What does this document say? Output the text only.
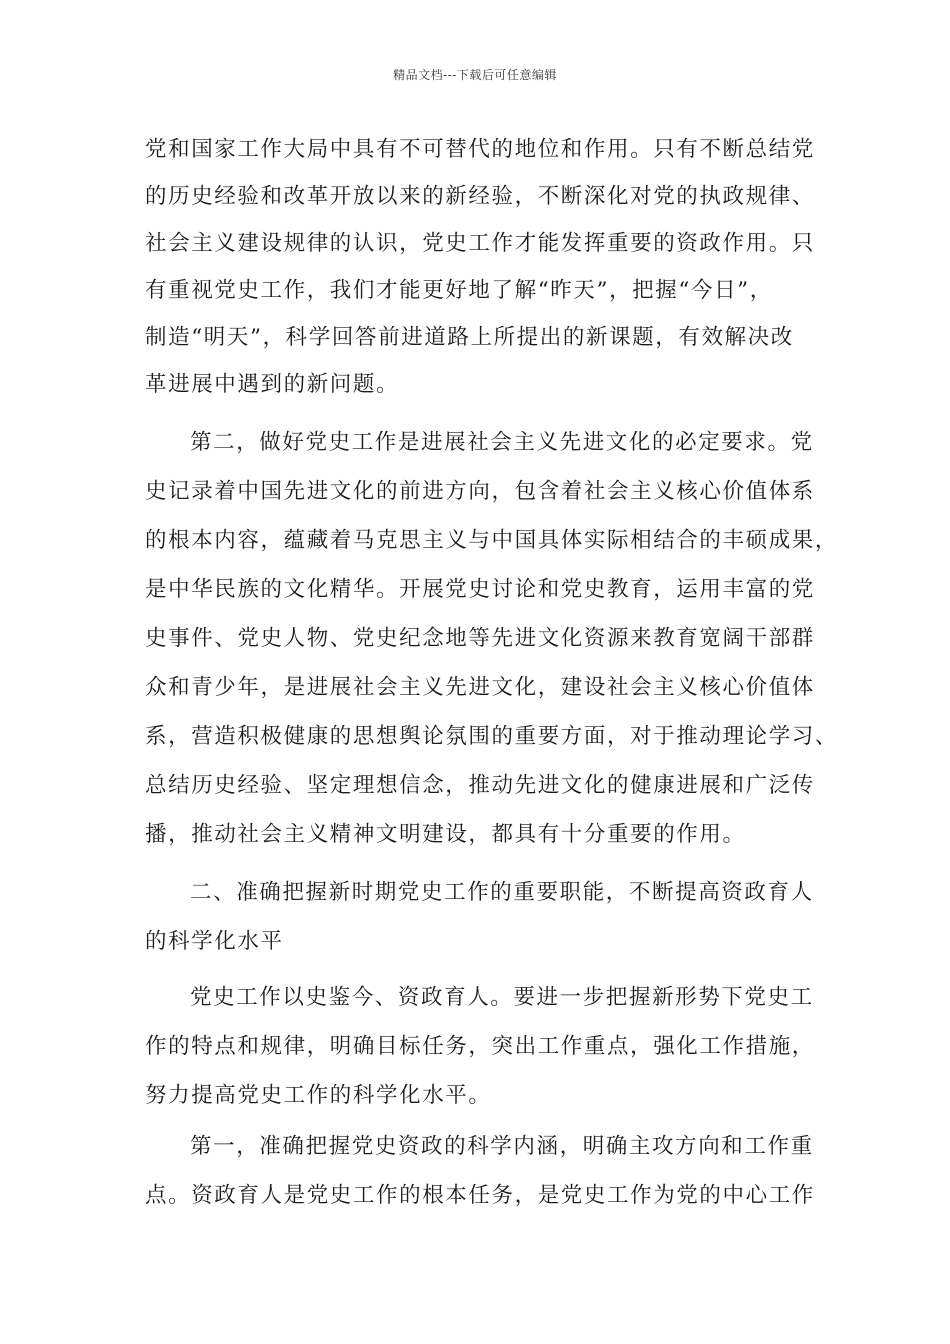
精品文档---下载后可任意编辑
党和国家工作大局中具有不可替代的地位和作用。只有不断总结党
的历史经验和改革开放以来的新经验，不断深化对党的执政规律、
社会主义建设规律的认识，党史工作才能发挥重要的资政作用。只
有重视党史工作，我们才能更好地了解“昨天”，把握“今日”，
制造“明天”，科学回答前进道路上所提出的新课题，有效解决改
革进展中遇到的新问题。
第二，做好党史工作是进展社会主义先进文化的必定要求。党
史记录着中国先进文化的前进方向，包含着社会主义核心价值体系
的根本内容，蕴藏着马克思主义与中国具体实际相结合的丰硕成果，
是中华民族的文化精华。开展党史讨论和党史教育，运用丰富的党
史事件、党史人物、党史纪念地等先进文化资源来教育宽阔干部群
众和青少年，是进展社会主义先进文化，建设社会主义核心价值体
系，营造积极健康的思想舆论氛围的重要方面，对于推动理论学习、
总结历史经验、坚定理想信念，推动先进文化的健康进展和广泛传
播，推动社会主义精神文明建设，都具有十分重要的作用。
二、准确把握新时期党史工作的重要职能，不断提高资政育人
的科学化水平
党史工作以史鉴今、资政育人。要进一步把握新形势下党史工
作的特点和规律，明确目标任务，突出工作重点，强化工作措施，
努力提高党史工作的科学化水平。
第一，准确把握党史资政的科学内涵，明确主攻方向和工作重
点。资政育人是党史工作的根本任务，是党史工作为党的中心工作
